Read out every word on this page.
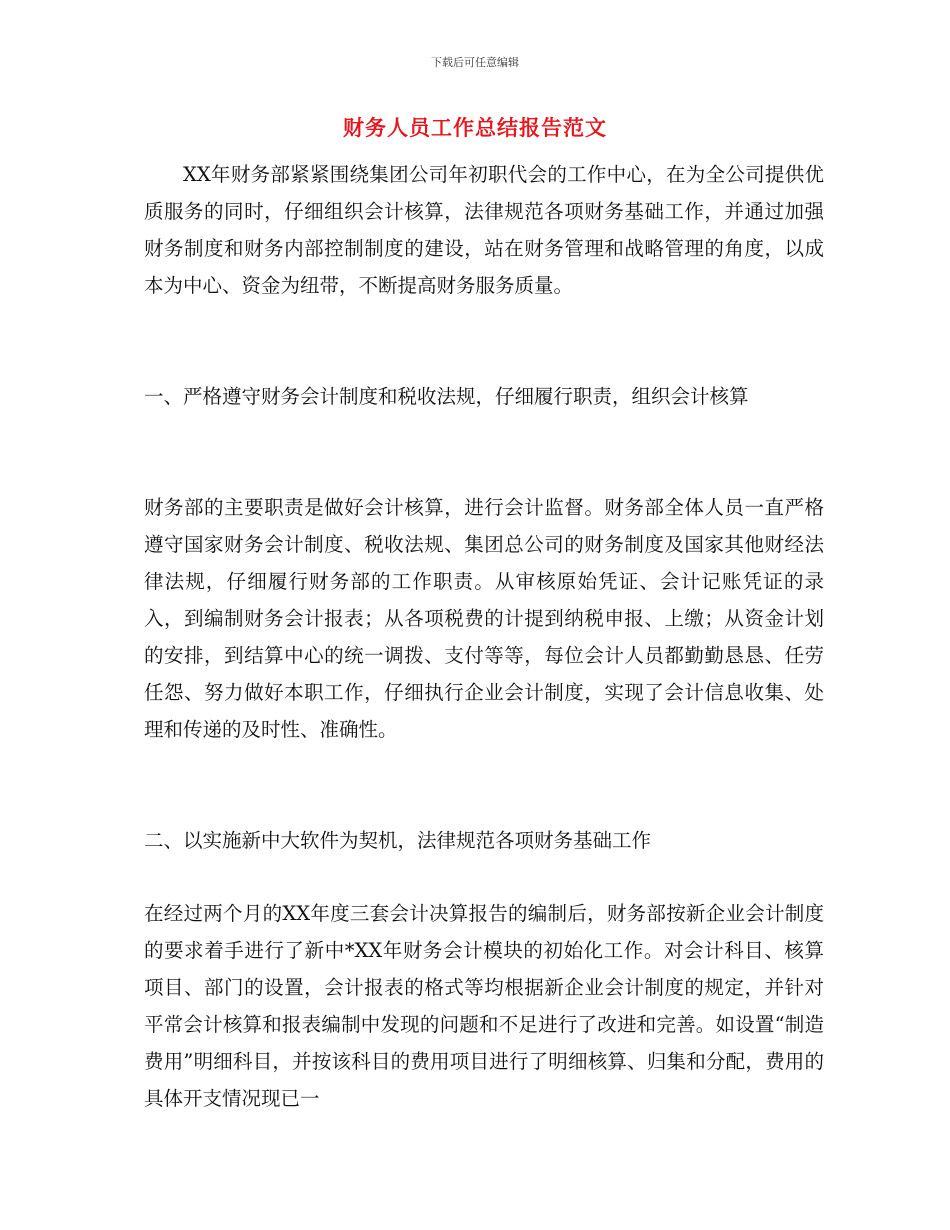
下载后可任意编辑
财务人员工作总结报告范文

XX年财务部紧紧围绕集团公司年初职代会的工作中心，在为全公司提供优质服务的同时，仔细组织会计核算，法律规范各项财务基础工作，并通过加强财务制度和财务内部控制制度的建设，站在财务管理和战略管理的角度，以成本为中心、资金为纽带，不断提高财务服务质量。

一、严格遵守财务会计制度和税收法规，仔细履行职责，组织会计核算

财务部的主要职责是做好会计核算，进行会计监督。财务部全体人员一直严格遵守国家财务会计制度、税收法规、集团总公司的财务制度及国家其他财经法律法规，仔细履行财务部的工作职责。从审核原始凭证、会计记账凭证的录入，到编制财务会计报表；从各项税费的计提到纳税申报、上缴；从资金计划的安排，到结算中心的统一调拨、支付等等，每位会计人员都勤勤恳恳、任劳任怨、努力做好本职工作，仔细执行企业会计制度，实现了会计信息收集、处理和传递的及时性、准确性。

二、以实施新中大软件为契机，法律规范各项财务基础工作

在经过两个月的XX年度三套会计决算报告的编制后，财务部按新企业会计制度的要求着手进行了新中*XX年财务会计模块的初始化工作。对会计科目、核算项目、部门的设置，会计报表的格式等均根据新企业会计制度的规定，并针对平常会计核算和报表编制中发现的问题和不足进行了改进和完善。如设置“制造费用”明细科目，并按该科目的费用项目进行了明细核算、归集和分配，费用的具体开支情况现已一
